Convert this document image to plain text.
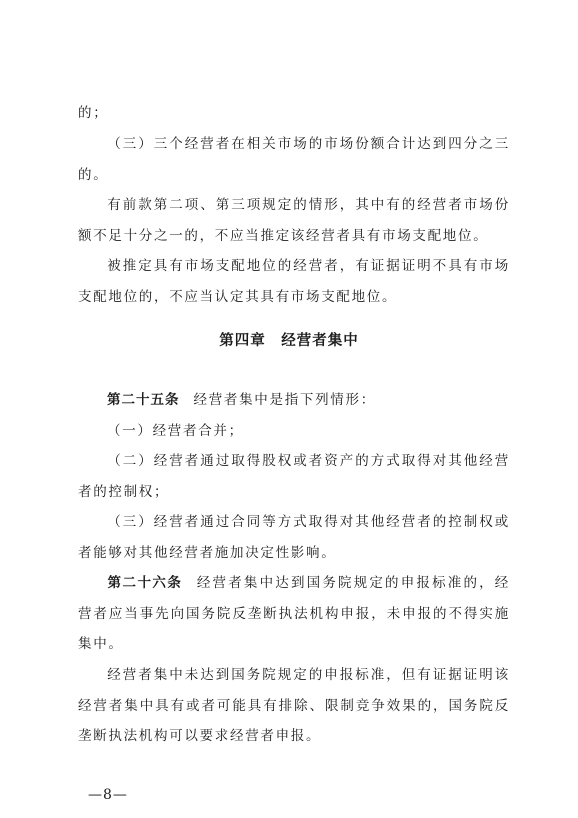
的；

（三）三个经营者在相关市场的市场份额合计达到四分之三的。

有前款第二项、第三项规定的情形，其中有的经营者市场份额不足十分之一的，不应当推定该经营者具有市场支配地位。

被推定具有市场支配地位的经营者，有证据证明不具有市场支配地位的，不应当认定其具有市场支配地位。

第四章　经营者集中

第二十五条 经营者集中是指下列情形：

（一）经营者合并；

（二）经营者通过取得股权或者资产的方式取得对其他经营者的控制权；

（三）经营者通过合同等方式取得对其他经营者的控制权或者能够对其他经营者施加决定性影响。

第二十六条 经营者集中达到国务院规定的申报标准的，经营者应当事先向国务院反垄断执法机构申报，未申报的不得实施集中。

经营者集中未达到国务院规定的申报标准，但有证据证明该经营者集中具有或者可能具有排除、限制竞争效果的，国务院反垄断执法机构可以要求经营者申报。

—8—
